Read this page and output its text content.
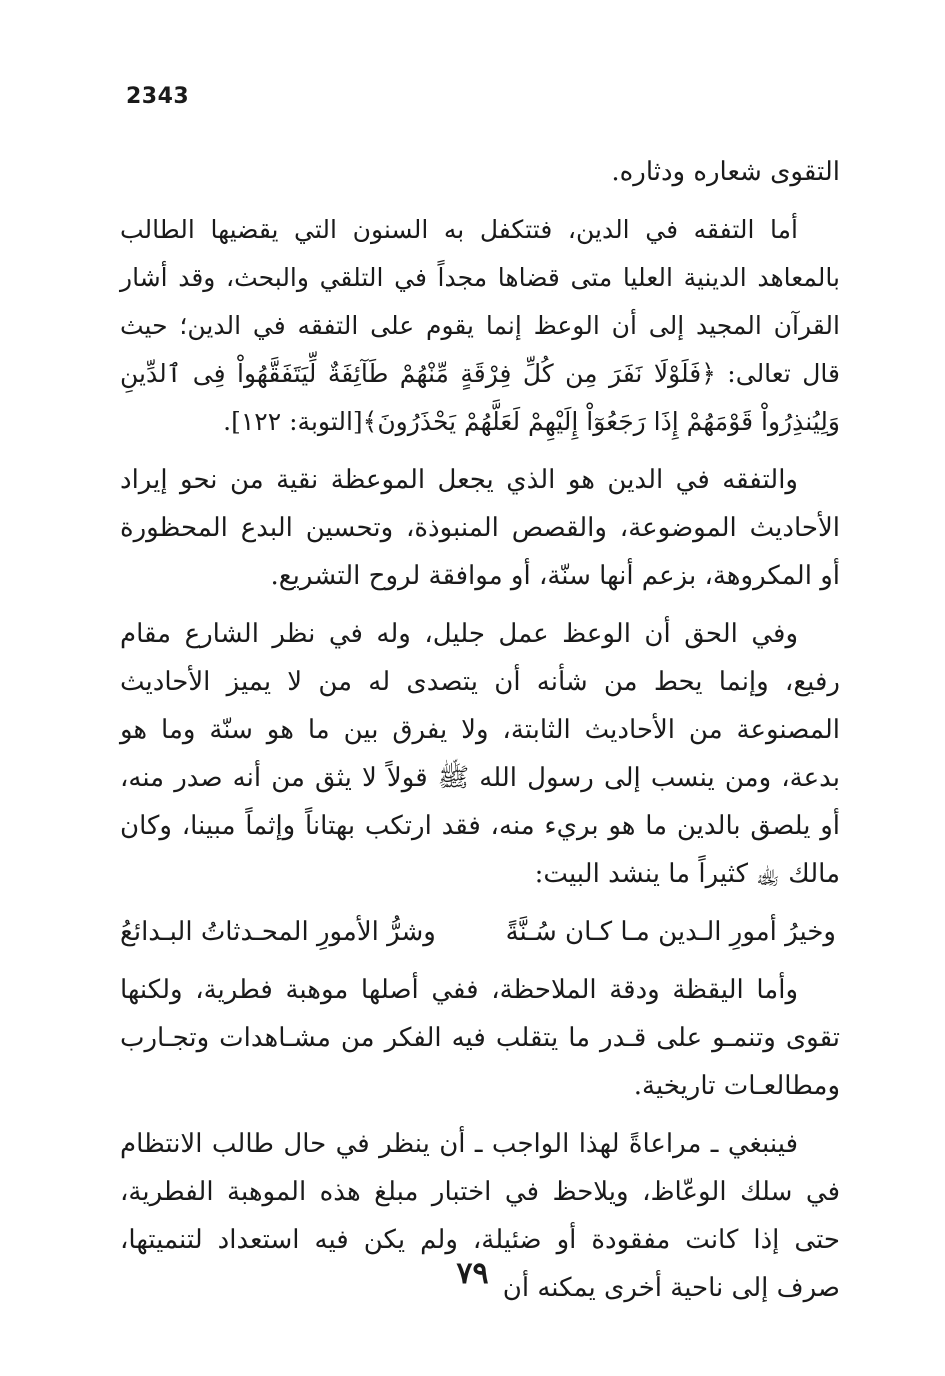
2343

التقوى شعاره ودثاره.

أما التفقه في الدين، فتتكفل به السنون التي يقضيها الطالب بالمعاهد الدينية العليا متى قضاها مجداً في التلقي والبحث، وقد أشار القرآن المجيد إلى أن الوعظ إنما يقوم على التفقه في الدين؛ حيث قال تعالى: ﴿فَلَوْلَا نَفَرَ مِن كُلِّ فِرْقَةٍ مِّنْهُمْ طَآئِفَةٌ لِّيَتَفَقَّهُواْ فِى ٱلدِّينِ وَلِيُنذِرُواْ قَوْمَهُمْ إِذَا رَجَعُوٓاْ إِلَيْهِمْ لَعَلَّهُمْ يَحْذَرُونَ﴾[التوبة: ١٢٢].

والتفقه في الدين هو الذي يجعل الموعظة نقية من نحو إيراد الأحاديث الموضوعة، والقصص المنبوذة، وتحسين البدع المحظورة أو المكروهة، بزعم أنها سنّة، أو موافقة لروح التشريع.

وفي الحق أن الوعظ عمل جليل، وله في نظر الشارع مقام رفيع، وإنما يحط من شأنه أن يتصدى له من لا يميز الأحاديث المصنوعة من الأحاديث الثابتة، ولا يفرق بين ما هو سنّة وما هو بدعة، ومن ينسب إلى رسول الله ﷺ قولاً لا يثق من أنه صدر منه، أو يلصق بالدين ما هو بريء منه، فقد ارتكب بهتاناً وإثماً مبينا، وكان مالك ﵀ كثيراً ما ينشد البيت:

وخيرُ أمورِ الـدين مـا كـان سُـنَّةً
وشرُّ الأمورِ المحـدثاتُ البـدائعُ

وأما اليقظة ودقة الملاحظة، ففي أصلها موهبة فطرية، ولكنها تقوى وتنمـو على قـدر ما يتقلب فيه الفكر من مشـاهدات وتجـارب ومطالعـات تاريخية.

فينبغي ـ مراعاةً لهذا الواجب ـ أن ينظر في حال طالب الانتظام في سلك الوعّاظ، ويلاحظ في اختبار مبلغ هذه الموهبة الفطرية، حتى إذا كانت مفقودة أو ضئيلة، ولم يكن فيه استعداد لتنميتها، صرف إلى ناحية أخرى يمكنه أن

٧٩
